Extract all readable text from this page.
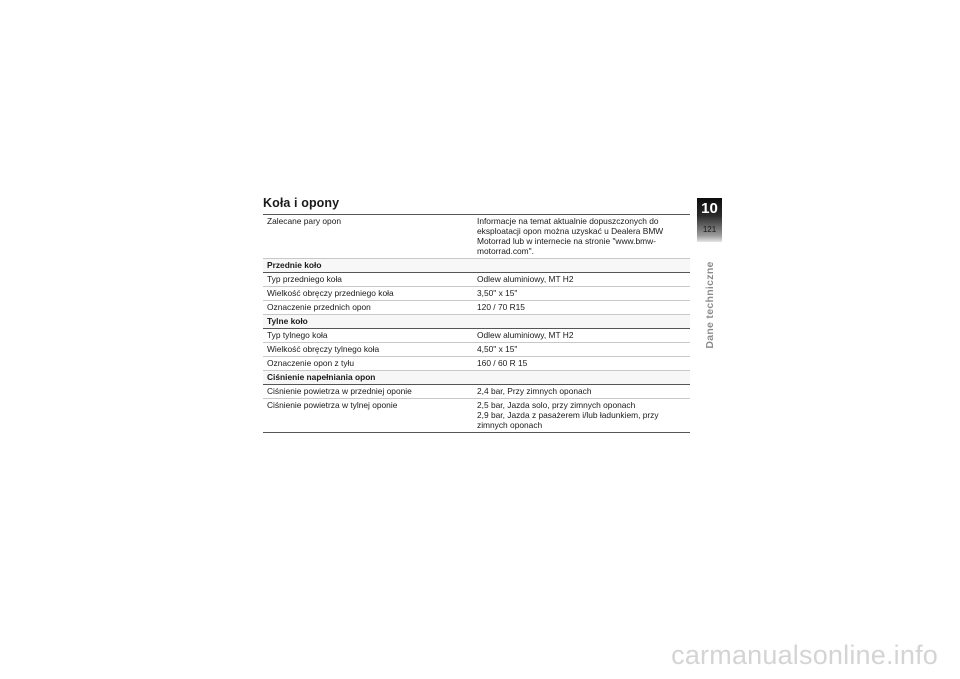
Koła i opony
Zalecane pary opon	Informacje na temat aktualnie dopuszczonych do
eksploatacji opon można uzyskać u Dealera BMW
Motorrad lub w internecie na stronie "www.bmw-
motorrad.com".

Przednie koło	
Typ przedniego koła	Odlew aluminiowy, MT H2
Wielkość obręczy przedniego koła	3,50" x 15"
Oznaczenie przednich opon	120 / 70 R15
Tylne koło	
Typ tylnego koła	Odlew aluminiowy, MT H2
Wielkość obręczy tylnego koła	4,50" x 15"
Oznaczenie opon z tyłu	160 / 60 R 15
Ciśnienie napełniania opon	
Ciśnienie powietrza w przedniej oponie	2,4 bar, Przy zimnych oponach
Ciśnienie powietrza w tylnej oponie	2,5 bar, Jazda solo, przy zimnych oponach
2,9 bar, Jazda z pasażerem i/lub ładunkiem, przy
zimnych oponach
10
121
Dane techniczne
carmanualsonline.info
